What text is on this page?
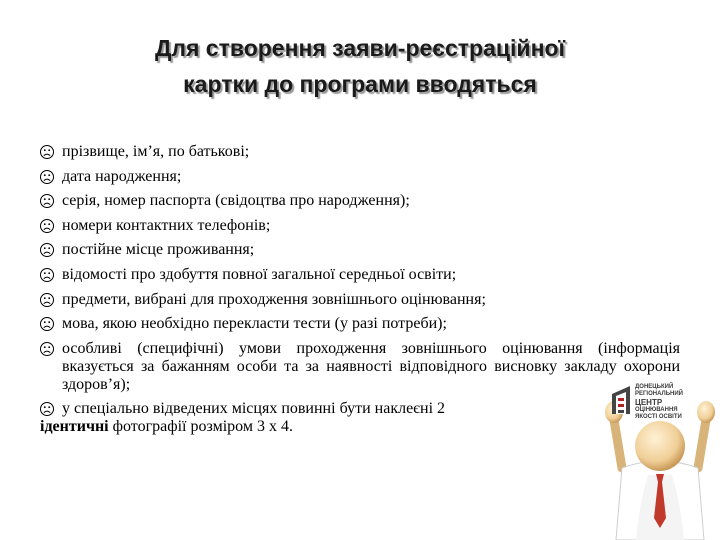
Для створення заяви-реєстраційної
картки до програми вводяться
прізвище, ім’я, по батькові;
дата народження;
серія, номер паспорта (свідоцтва про народження);
номери контактних телефонів;
постійне місце проживання;
відомості про здобуття повної загальної середньої освіти;
предмети, вибрані для проходження зовнішнього оцінювання;
мова, якою необхідно перекласти тести (у разі потреби);
особливі (специфічні) умови проходження зовнішнього оцінювання (інформація вказується за бажанням особи та за наявності відповідного висновку закладу охорони здоров’я);
у спеціально відведених місцях повинні бути наклеєні 2
ідентичні фотографії розміром 3 х 4.
ДОНЕЦЬКИЙ
РЕГІОНАЛЬНИЙ
ЦЕНТР
ОЦІНЮВАННЯ
ЯКОСТІ ОСВІТИ
